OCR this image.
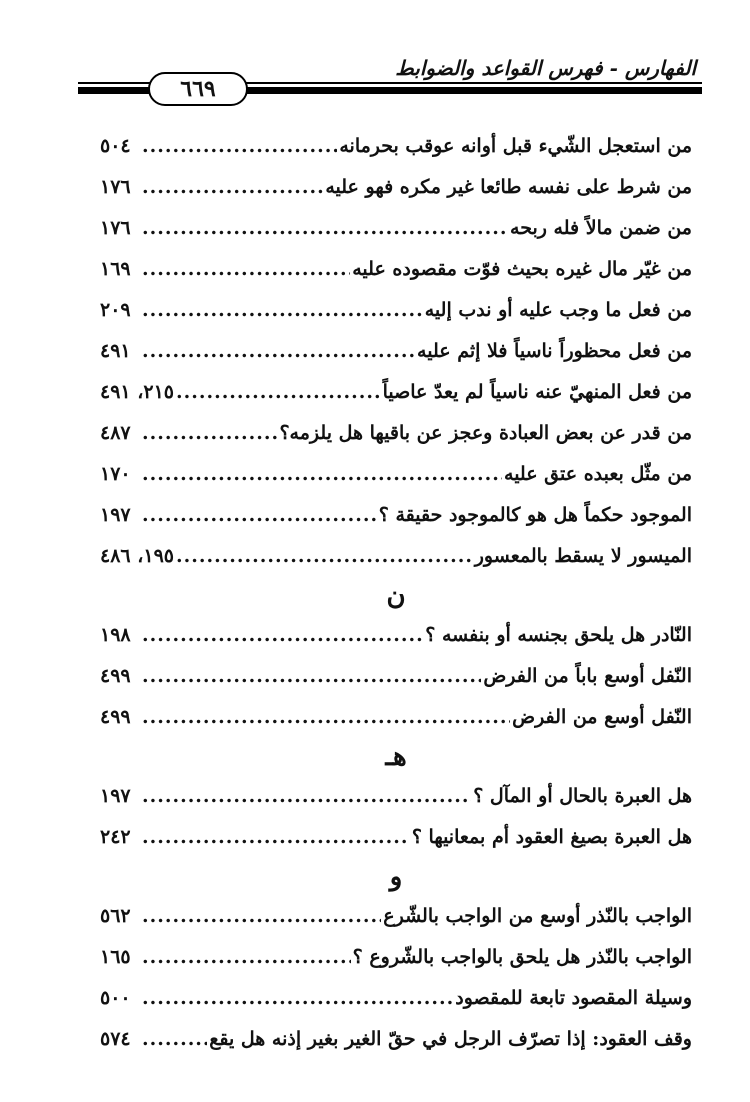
الفهارس - فهرس القواعد والضوابط
٦٦٩
من استعجل الشّيء قبل أوانه عوقب بحرمانه
.....
٥٠٤
من شرط على نفسه طائعا غير مكره فهو عليه
.....
١٧٦
من ضمن مالاً فله ربحه
.....
١٧٦
من غيّر مال غيره بحيث فوّت مقصوده عليه
.....
١٦٩
من فعل ما وجب عليه أو ندب إليه
.....
٢٠٩
من فعل محظوراً ناسياً فلا إثم عليه
.....
٤٩١
من فعل المنهيّ عنه ناسياً لم يعدّ عاصياً
.....
٢١٥، ٤٩١
من قدر عن بعض العبادة وعجز عن باقيها هل يلزمه؟
.....
٤٨٧
من مثّل بعبده عتق عليه
.....
١٧٠
الموجود حكماً هل هو كالموجود حقيقة ؟
.....
١٩٧
الميسور لا يسقط بالمعسور
.....
١٩٥، ٤٨٦
ن
النّادر هل يلحق بجنسه أو بنفسه ؟
.....
١٩٨
النّفل أوسع باباً من الفرض
.....
٤٩٩
النّفل أوسع من الفرض
.....
٤٩٩
هـ
هل العبرة بالحال أو المآل ؟
.....
١٩٧
هل العبرة بصيغ العقود أم بمعانيها ؟
.....
٢٤٢
و
الواجب بالنّذر أوسع من الواجب بالشّرع
.....
٥٦٢
الواجب بالنّذر هل يلحق بالواجب بالشّروع ؟
.....
١٦٥
وسيلة المقصود تابعة للمقصود
.....
٥٠٠
وقف العقود: إذا تصرّف الرجل في حقّ الغير بغير إذنه هل يقع
.....
٥٧٤
